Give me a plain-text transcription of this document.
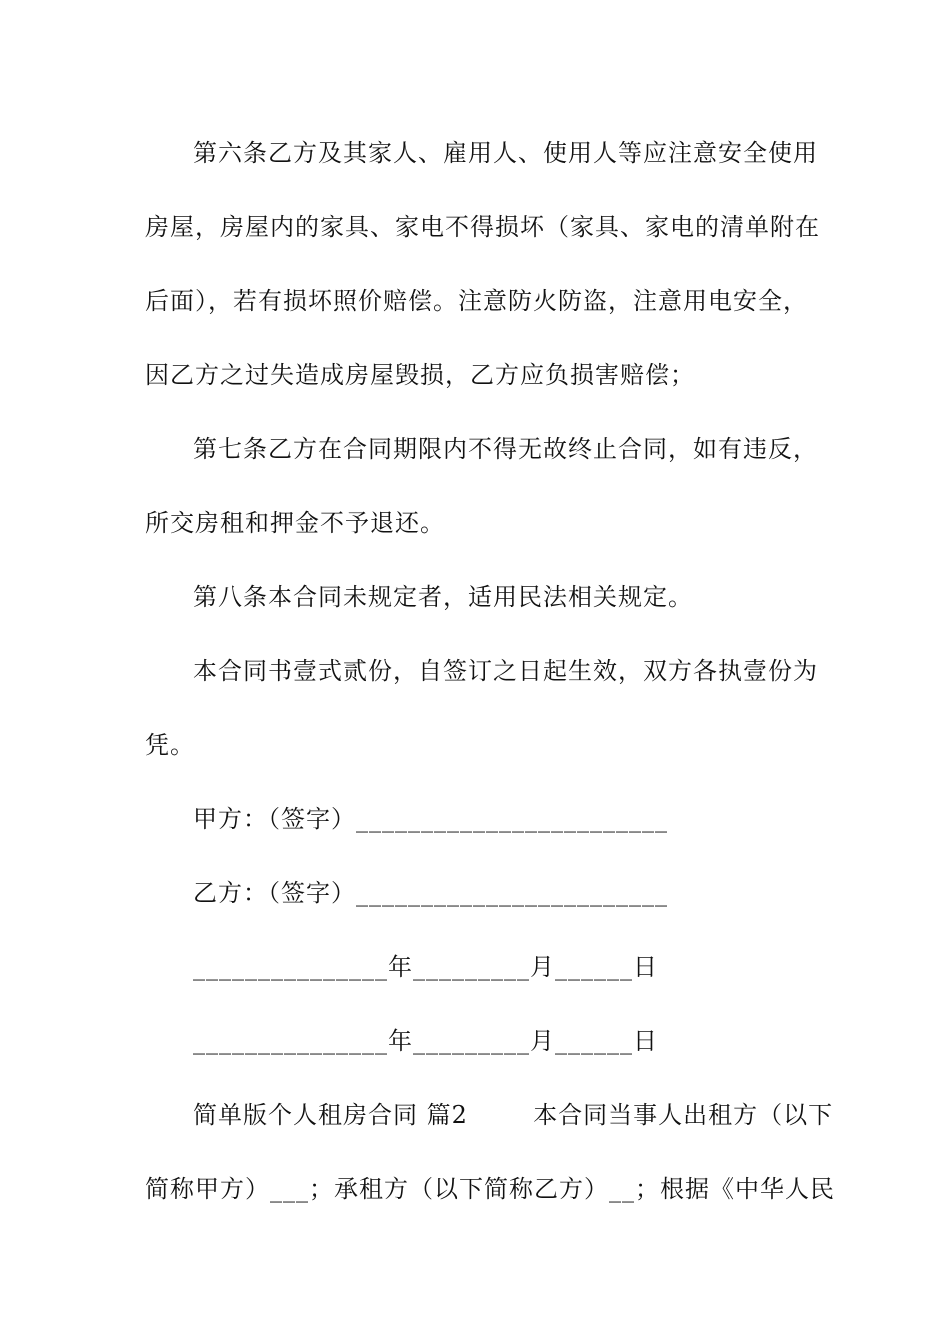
第六条乙方及其家人、雇用人、使用人等应注意安全使用
房屋，房屋内的家具、家电不得损坏（家具、家电的清单附在
后面），若有损坏照价赔偿。注意防火防盗，注意用电安全，
因乙方之过失造成房屋毁损，乙方应负损害赔偿；
第七条乙方在合同期限内不得无故终止合同，如有违反，
所交房租和押金不予退还。
第八条本合同未规定者，适用民法相关规定。
本合同书壹式贰份，自签订之日起生效，双方各执壹份为
凭。
甲方：（签字）________________________
乙方：（签字）________________________
_______________年_________月______日
_______________年_________月______日
简单版个人租房合同 篇2	本合同当事人出租方（以下
简称甲方）___；承租方（以下简称乙方）__；根据《中华人民
